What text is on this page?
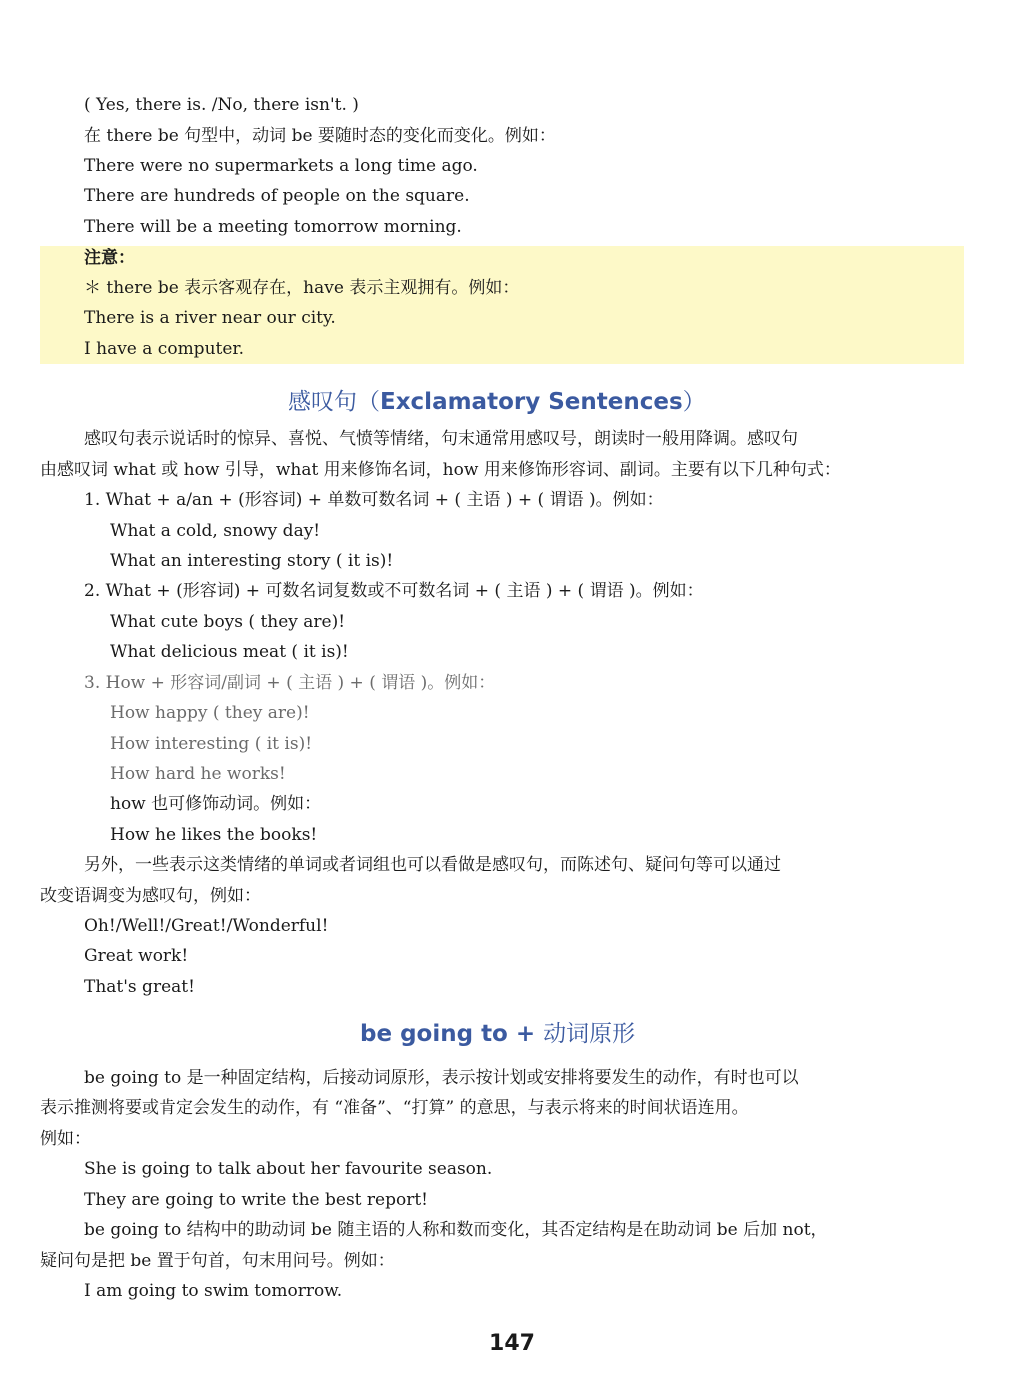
( Yes, there is. /No, there isn't. )
在 there be 句型中，动词 be 要随时态的变化而变化。例如：
There were no supermarkets a long time ago.
There are hundreds of people on the square.
There will be a meeting tomorrow morning.
注意：
＊ there be 表示客观存在，have 表示主观拥有。例如：
There is a river near our city.
I have a computer.
感叹句（Exclamatory Sentences）
感叹句表示说话时的惊异、喜悦、气愤等情绪，句末通常用感叹号，朗读时一般用降调。感叹句
由感叹词 what 或 how 引导，what 用来修饰名词，how 用来修饰形容词、副词。主要有以下几种句式：
1. What + a/an + (形容词) + 单数可数名词 + ( 主语 ) + ( 谓语 )。例如：
What a cold, snowy day!
What an interesting story ( it is)!
2. What + (形容词) + 可数名词复数或不可数名词 + ( 主语 ) + ( 谓语 )。例如：
What cute boys ( they are)!
What delicious meat ( it is)!
3. How + 形容词/副词 + ( 主语 ) + ( 谓语 )。例如：
How happy ( they are)!
How interesting ( it is)!
How hard he works!
how 也可修饰动词。例如：
How he likes the books!
另外，一些表示这类情绪的单词或者词组也可以看做是感叹句，而陈述句、疑问句等可以通过
改变语调变为感叹句，例如：
Oh!/Well!/Great!/Wonderful!
Great work!
That's great!
be going to + 动词原形
be going to 是一种固定结构，后接动词原形，表示按计划或安排将要发生的动作，有时也可以
表示推测将要或肯定会发生的动作，有 “准备”、“打算” 的意思，与表示将来的时间状语连用。
例如：
She is going to talk about her favourite season.
They are going to write the best report!
be going to 结构中的助动词 be 随主语的人称和数而变化，其否定结构是在助动词 be 后加 not，
疑问句是把 be 置于句首，句末用问号。例如：
I am going to swim tomorrow.
147
